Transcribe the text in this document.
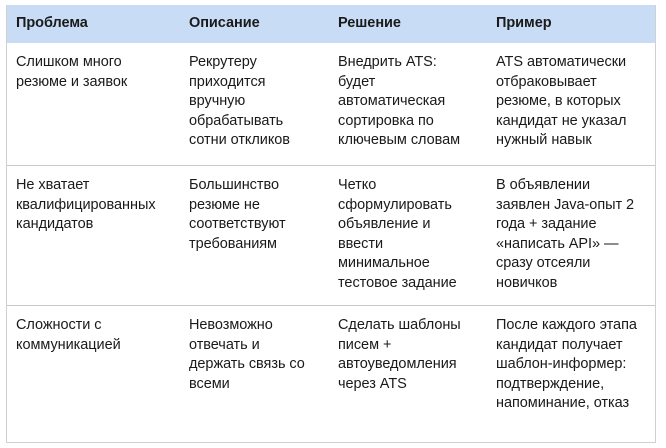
Проблема	Описание	Решение	Пример
Слишком много резюме и заявок	Рекрутеру приходится вручную обрабатывать сотни откликов	Внедрить ATS: будет автоматическая сортировка по ключевым словам	ATS автоматически отбраковывает резюме, в которых кандидат не указал нужный навык
Не хватает квалифицированных кандидатов	Большинство резюме не соответствуют требованиям	Четко сформулировать объявление и ввести минимальное тестовое задание	В объявлении заявлен Java-опыт 2 года + задание «написать API» — сразу отсеяли новичков
Сложности с коммуникацией	Невозможно отвечать и держать связь со всеми	Сделать шаблоны писем + автоуведомления через ATS	После каждого этапа кандидат получает шаблон-информер: подтверждение, напоминание, отказ
